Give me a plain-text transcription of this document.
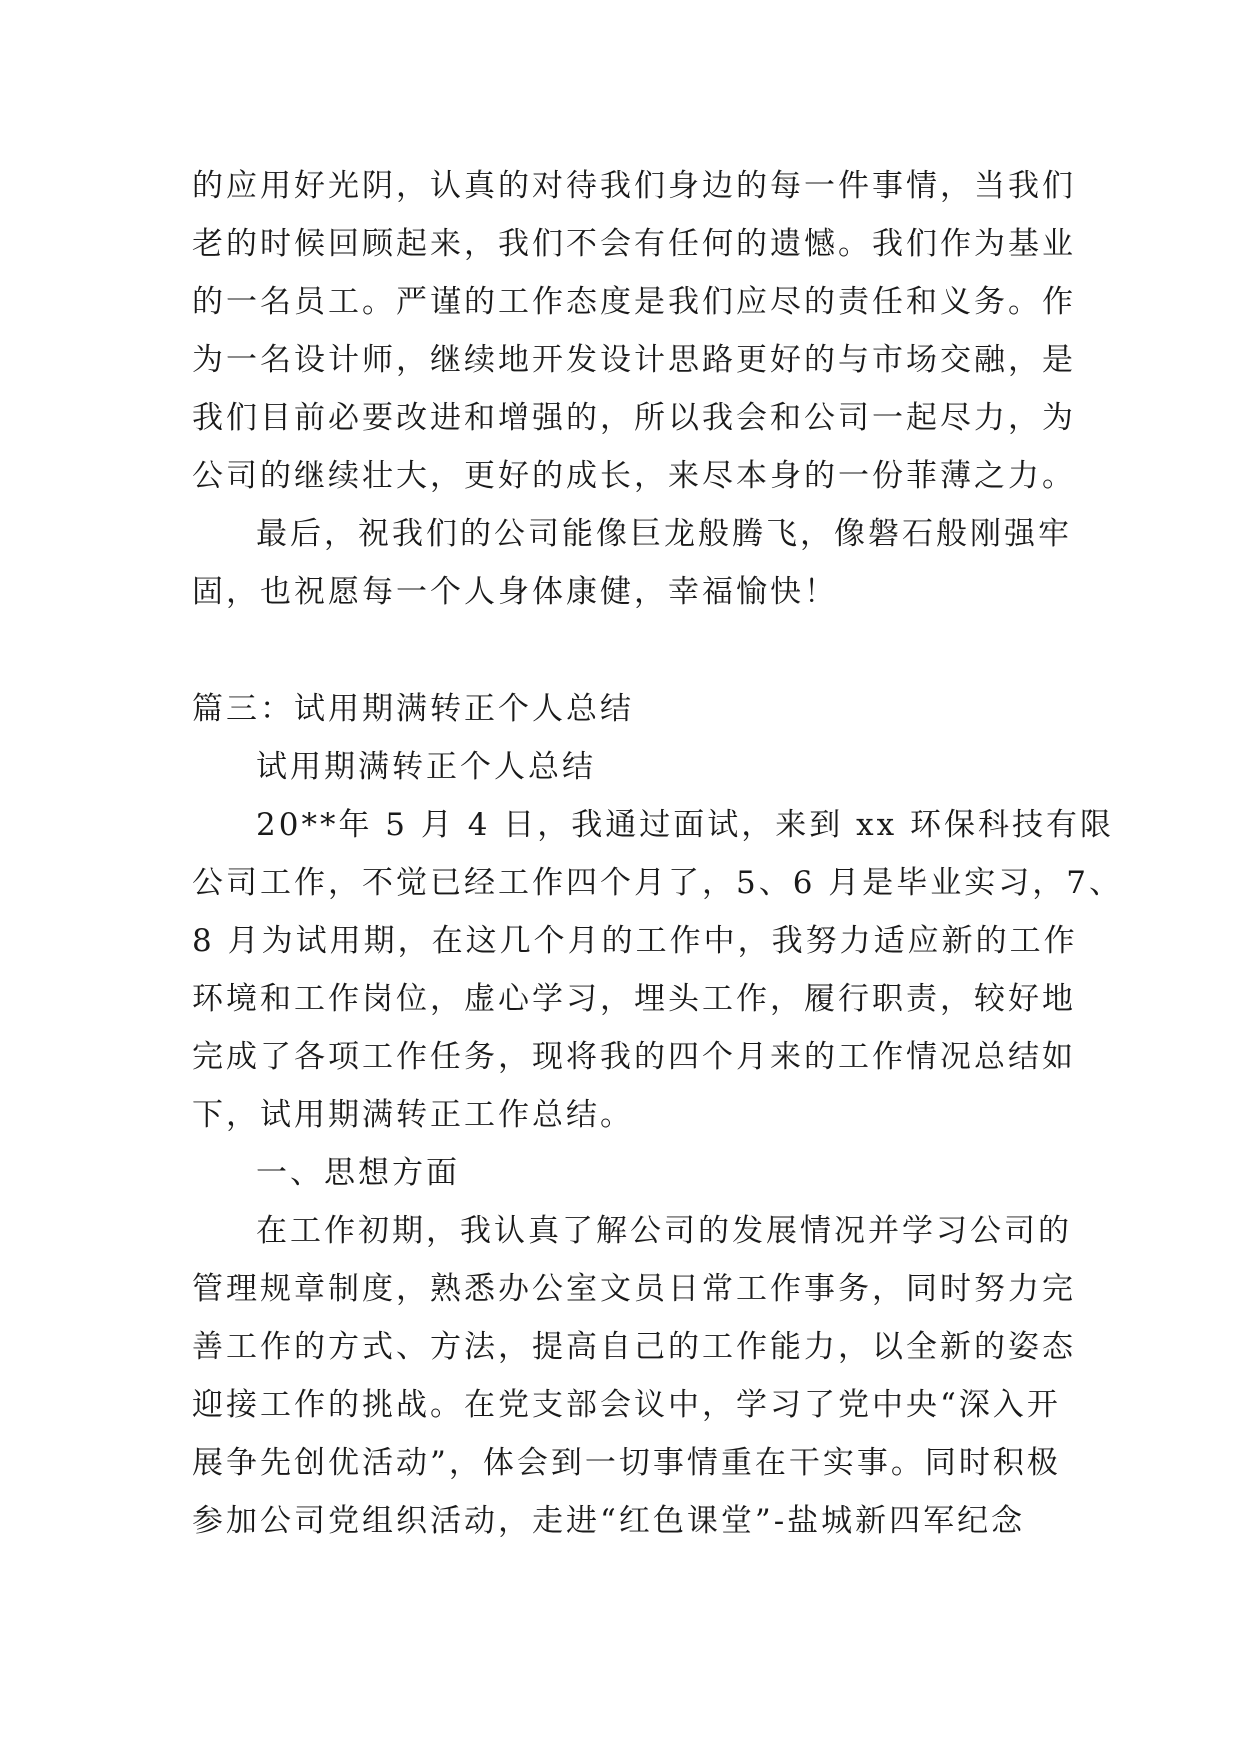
的应用好光阴，认真的对待我们身边的每一件事情，当我们
老的时候回顾起来，我们不会有任何的遗憾。我们作为基业
的一名员工。严谨的工作态度是我们应尽的责任和义务。作
为一名设计师，继续地开发设计思路更好的与市场交融，是
我们目前必要改进和增强的，所以我会和公司一起尽力，为
公司的继续壮大，更好的成长，来尽本身的一份菲薄之力。
最后，祝我们的公司能像巨龙般腾飞，像磐石般刚强牢
固，也祝愿每一个人身体康健，幸福愉快！
篇三：试用期满转正个人总结
试用期满转正个人总结
20**年 5 月 4 日，我通过面试，来到 xx 环保科技有限
公司工作，不觉已经工作四个月了，5、6 月是毕业实习，7、
8 月为试用期，在这几个月的工作中，我努力适应新的工作
环境和工作岗位，虚心学习，埋头工作，履行职责，较好地
完成了各项工作任务，现将我的四个月来的工作情况总结如
下，试用期满转正工作总结。
一、思想方面
在工作初期，我认真了解公司的发展情况并学习公司的
管理规章制度，熟悉办公室文员日常工作事务，同时努力完
善工作的方式、方法，提高自己的工作能力，以全新的姿态
迎接工作的挑战。在党支部会议中，学习了党中央“深入开
展争先创优活动”，体会到一切事情重在干实事。同时积极
参加公司党组织活动，走进“红色课堂”-盐城新四军纪念
